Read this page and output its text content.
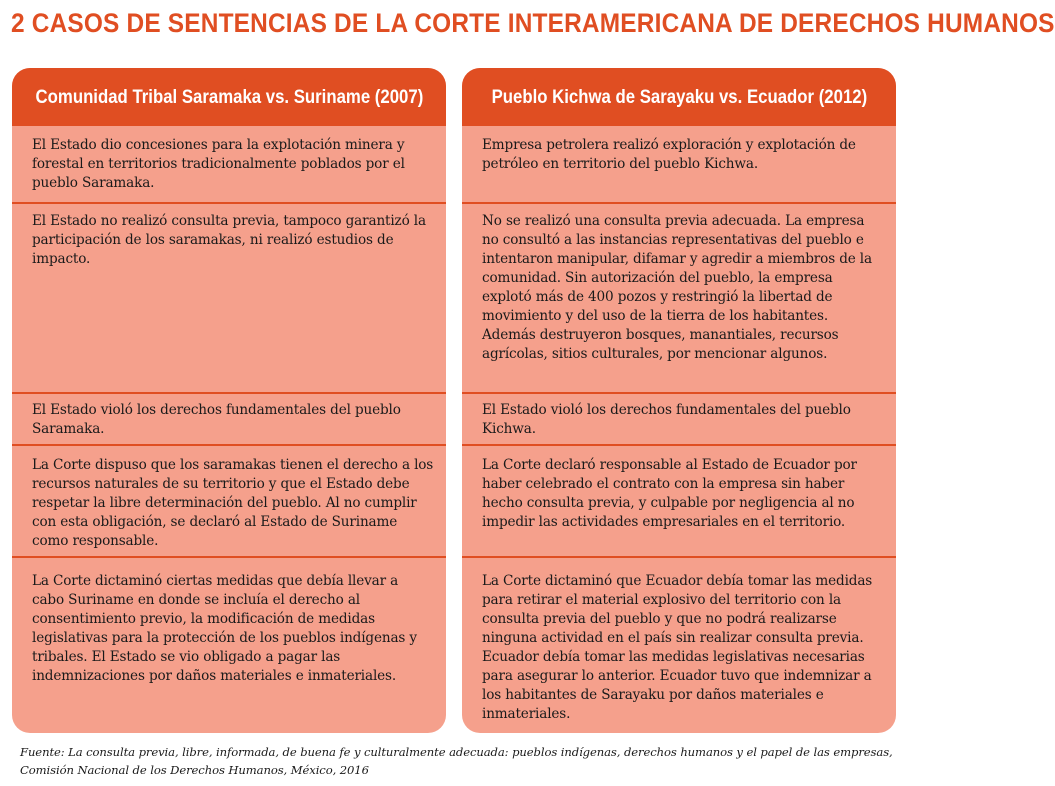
2 CASOS DE SENTENCIAS DE LA CORTE INTERAMERICANA DE DERECHOS HUMANOS
Comunidad Tribal Saramaka vs. Suriname (2007)
El Estado dio concesiones para la explotación minera y forestal en territorios tradicionalmente poblados por el pueblo Saramaka.
El Estado no realizó consulta previa, tampoco garantizó la participación de los saramakas, ni realizó estudios de impacto.
El Estado violó los derechos fundamentales del pueblo Saramaka.
La Corte dispuso que los saramakas tienen el derecho a los recursos naturales de su territorio y que el Estado debe respetar la libre determinación del pueblo. Al no cumplir con esta obligación, se declaró al Estado de Suriname como responsable.
La Corte dictaminó ciertas medidas que debía llevar a cabo Suriname en donde se incluía el derecho al consentimiento previo, la modificación de medidas legislativas para la protección de los pueblos indígenas y tribales. El Estado se vio obligado a pagar las indemnizaciones por daños materiales e inmateriales.
Pueblo Kichwa de Sarayaku vs. Ecuador (2012)
Empresa petrolera realizó exploración y explotación de petróleo en territorio del pueblo Kichwa.
No se realizó una consulta previa adecuada. La empresa no consultó a las instancias representativas del pueblo e intentaron manipular, difamar y agredir a miembros de la comunidad. Sin autorización del pueblo, la empresa explotó más de 400 pozos y restringió la libertad de movimiento y del uso de la tierra de los habitantes. Además destruyeron bosques, manantiales, recursos agrícolas, sitios culturales, por mencionar algunos.
El Estado violó los derechos fundamentales del pueblo Kichwa.
La Corte declaró responsable al Estado de Ecuador por haber celebrado el contrato con la empresa sin haber hecho consulta previa, y culpable por negligencia al no impedir las actividades empresariales en el territorio.
La Corte dictaminó que Ecuador debía tomar las medidas para retirar el material explosivo del territorio con la consulta previa del pueblo y que no podrá realizarse ninguna actividad en el país sin realizar consulta previa. Ecuador debía tomar las medidas legislativas necesarias para asegurar lo anterior. Ecuador tuvo que indemnizar a los habitantes de Sarayaku por daños materiales e inmateriales.
Fuente: La consulta previa, libre, informada, de buena fe y culturalmente adecuada: pueblos indígenas, derechos humanos y el papel de las empresas, Comisión Nacional de los Derechos Humanos, México, 2016
